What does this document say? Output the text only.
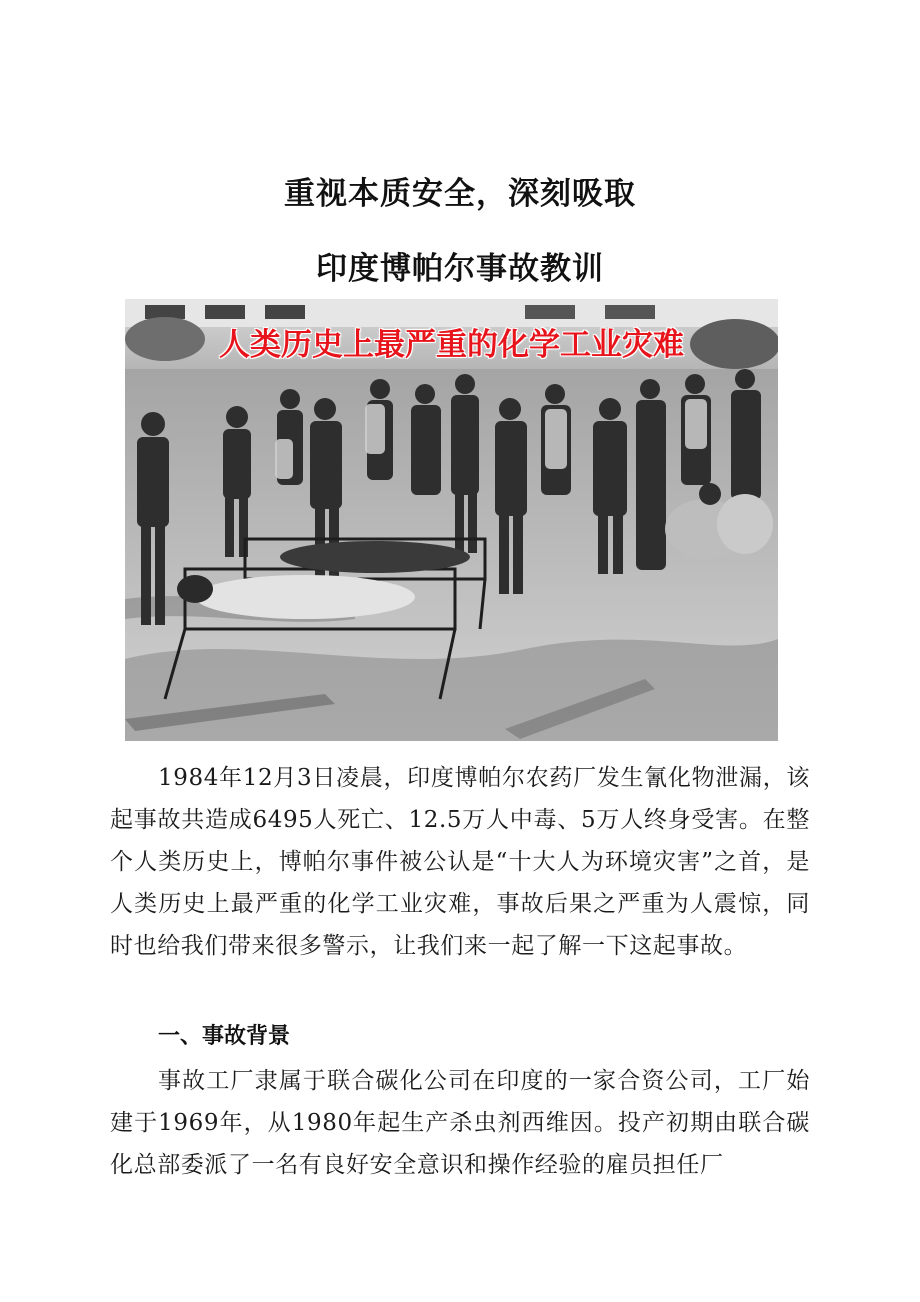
重视本质安全，深刻吸取
印度博帕尔事故教训
人类历史上最严重的化学工业灾难
1984年12月3日凌晨，印度博帕尔农药厂发生氰化物泄漏，该起事故共造成6495人死亡、12.5万人中毒、5万人终身受害。在整个人类历史上，博帕尔事件被公认是“十大人为环境灾害”之首，是人类历史上最严重的化学工业灾难，事故后果之严重为人震惊，同时也给我们带来很多警示，让我们来一起了解一下这起事故。
一、事故背景
事故工厂隶属于联合碳化公司在印度的一家合资公司，工厂始建于1969年，从1980年起生产杀虫剂西维因。投产初期由联合碳化总部委派了一名有良好安全意识和操作经验的雇员担任厂
